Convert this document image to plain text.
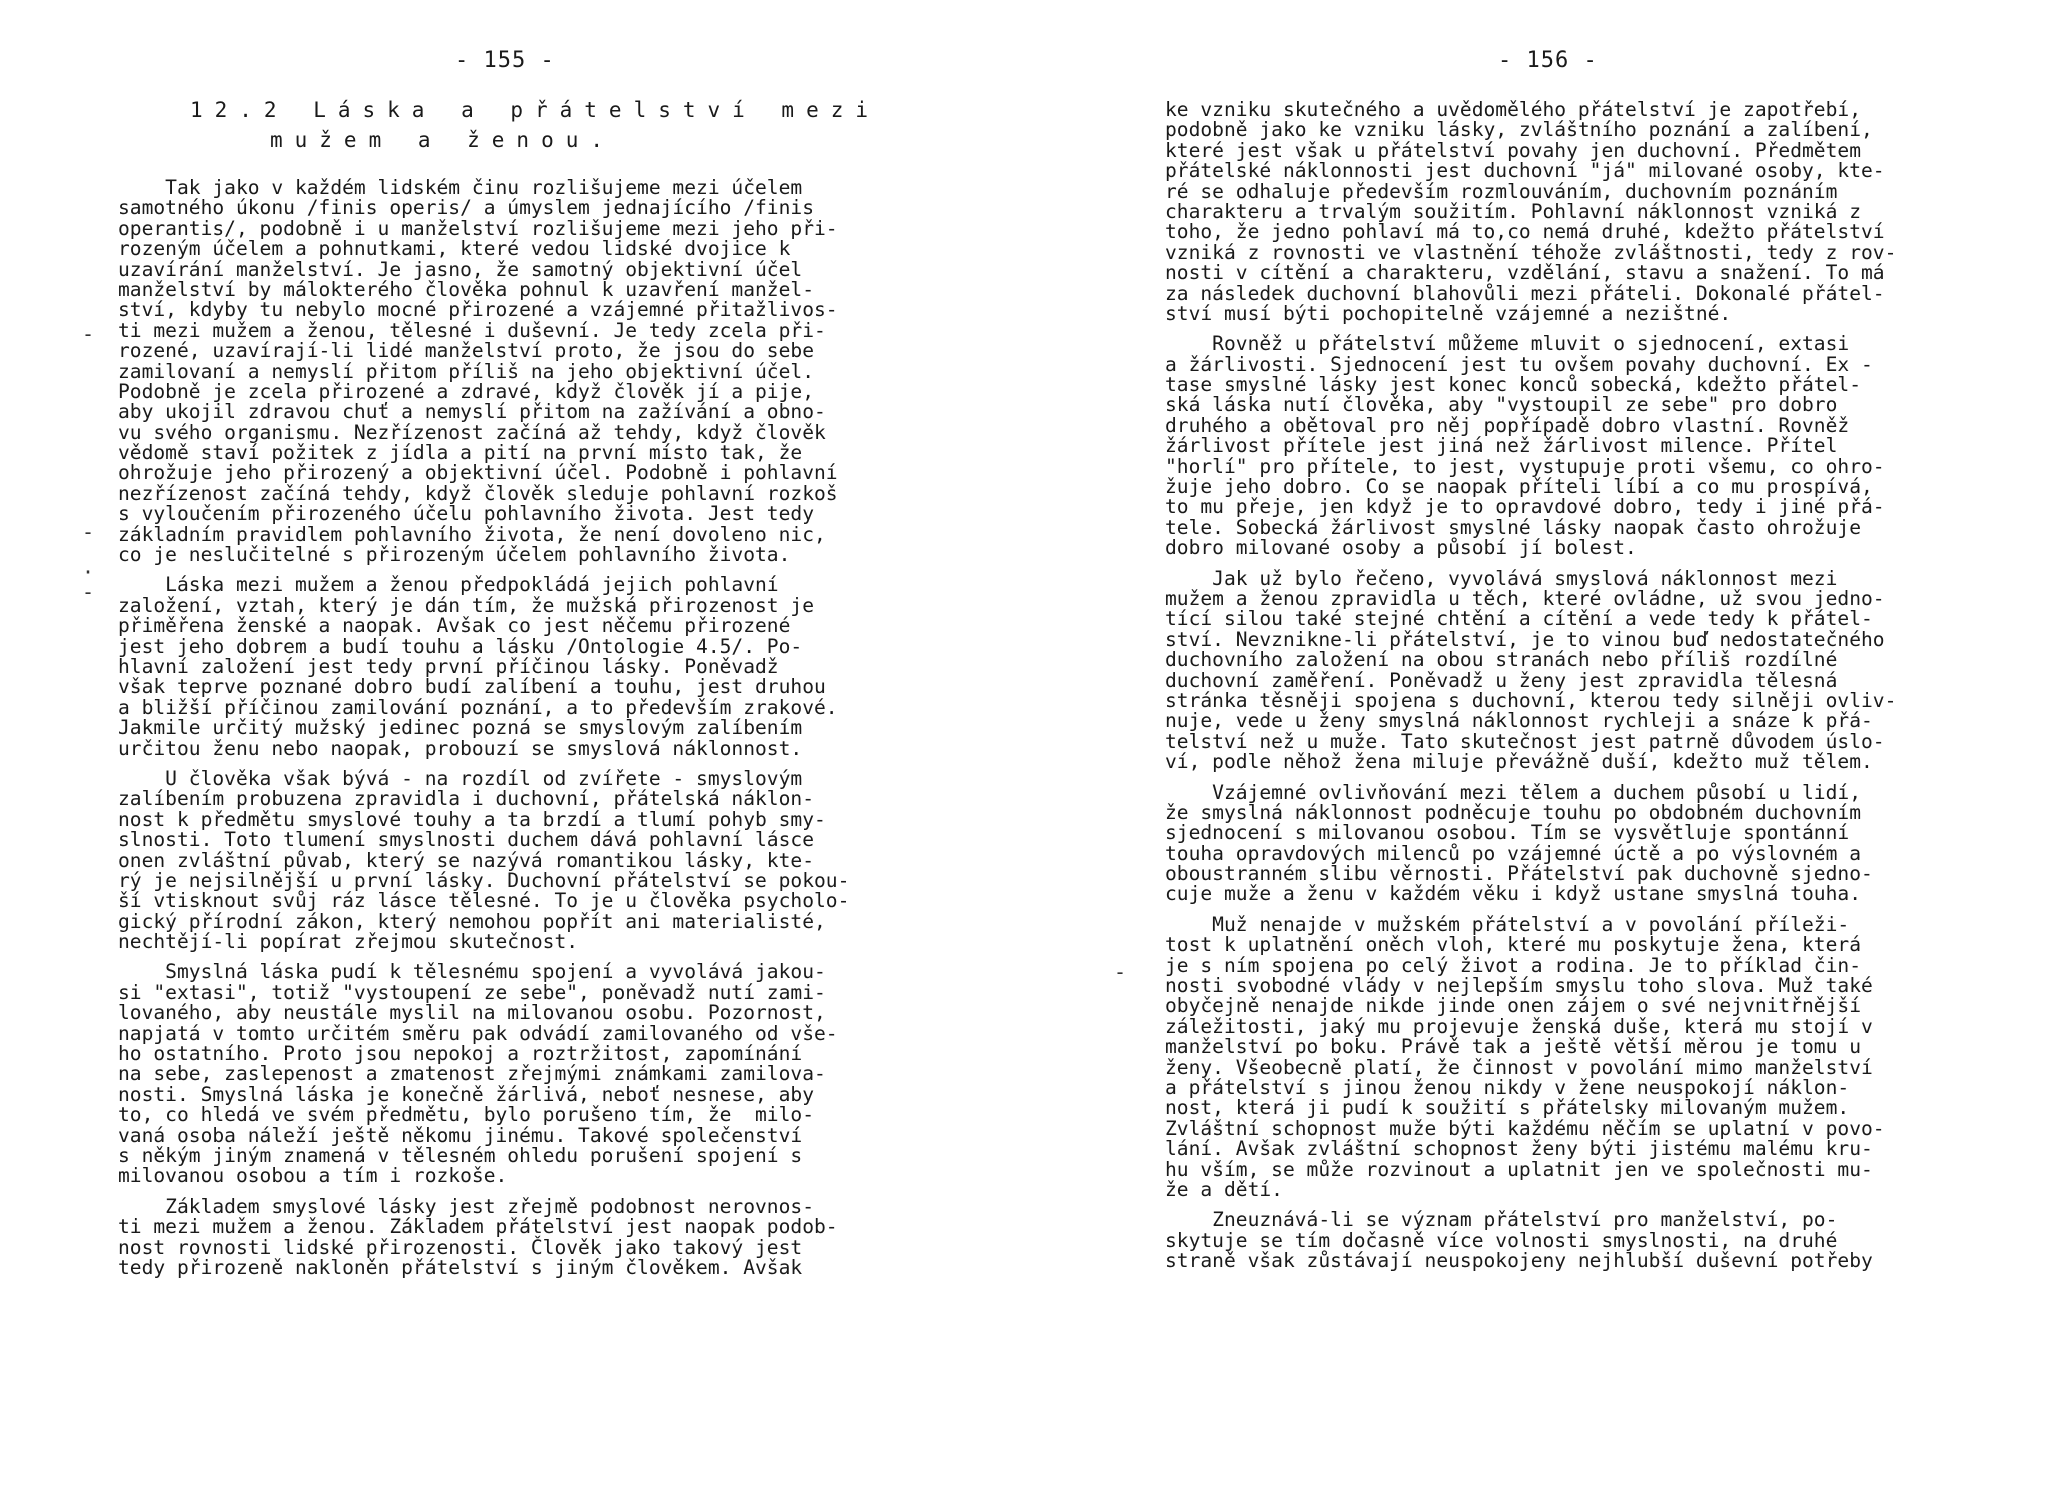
- 155 -
12.2 Láska a přátelství mezi
mužem a ženou.
Tak jako v každém lidském činu rozlišujeme mezi účelem
samotného úkonu /finis operis/ a úmyslem jednajícího /finis
operantis/, podobně i u manželství rozlišujeme mezi jeho při-
rozeným účelem a pohnutkami, které vedou lidské dvojice k
uzavírání manželství. Je jasno, že samotný objektivní účel
manželství by málokterého člověka pohnul k uzavření manžel-
ství, kdyby tu nebylo mocné přirozené a vzájemné přitažlivos-
ti mezi mužem a ženou, tělesné i duševní. Je tedy zcela při-
rozené, uzavírají-li lidé manželství proto, že jsou do sebe
zamilovaní a nemyslí přitom příliš na jeho objektivní účel.
Podobně je zcela přirozené a zdravé, když člověk jí a pije,
aby ukojil zdravou chuť a nemyslí přitom na zažívání a obno-
vu svého organismu. Nezřízenost začíná až tehdy, když člověk
vědomě staví požitek z jídla a pití na první místo tak, že
ohrožuje jeho přirozený a objektivní účel. Podobně i pohlavní
nezřízenost začíná tehdy, když člověk sleduje pohlavní rozkoš
s vyloučením přirozeného účelu pohlavního života. Jest tedy
základním pravidlem pohlavního života, že není dovoleno nic,
co je neslučitelné s přirozeným účelem pohlavního života.
Láska mezi mužem a ženou předpokládá jejich pohlavní
založení, vztah, který je dán tím, že mužská přirozenost je
přiměřena ženské a naopak. Avšak co jest něčemu přirozené
jest jeho dobrem a budí touhu a lásku /Ontologie 4.5/. Po-
hlavní založení jest tedy první příčinou lásky. Poněvadž
však teprve poznané dobro budí zalíbení a touhu, jest druhou
a bližší příčinou zamilování poznání, a to především zrakové.
Jakmile určitý mužský jedinec pozná se smyslovým zalíbením
určitou ženu nebo naopak, probouzí se smyslová náklonnost.
U člověka však bývá - na rozdíl od zvířete - smyslovým
zalíbením probuzena zpravidla i duchovní, přátelská náklon-
nost k předmětu smyslové touhy a ta brzdí a tlumí pohyb smy-
slnosti. Toto tlumení smyslnosti duchem dává pohlavní lásce
onen zvláštní půvab, který se nazývá romantikou lásky, kte-
rý je nejsilnější u první lásky. Duchovní přátelství se pokou-
ší vtisknout svůj ráz lásce tělesné. To je u člověka psycholo-
gický přírodní zákon, který nemohou popřít ani materialisté,
nechtějí-li popírat zřejmou skutečnost.
Smyslná láska pudí k tělesnému spojení a vyvolává jakou-
si "extasi", totiž "vystoupení ze sebe", poněvadž nutí zami-
lovaného, aby neustále myslil na milovanou osobu. Pozornost,
napjatá v tomto určitém směru pak odvádí zamilovaného od vše-
ho ostatního. Proto jsou nepokoj a roztržitost, zapomínání
na sebe, zaslepenost a zmatenost zřejmými známkami zamilova-
nosti. Smyslná láska je konečně žárlivá, neboť nesnese, aby
to, co hledá ve svém předmětu, bylo porušeno tím, že  milo-
vaná osoba náleží ještě někomu jinému. Takové společenství
s někým jiným znamená v tělesném ohledu porušení spojení s
milovanou osobou a tím i rozkoše.
Základem smyslové lásky jest zřejmě podobnost nerovnos-
ti mezi mužem a ženou. Základem přátelství jest naopak podob-
nost rovnosti lidské přirozenosti. Člověk jako takový jest
tedy přirozeně nakloněn přátelství s jiným člověkem. Avšak
-
-
·
-
- 156 -
ke vzniku skutečného a uvědomělého přátelství je zapotřebí,
podobně jako ke vzniku lásky, zvláštního poznání a zalíbení,
které jest však u přátelství povahy jen duchovní. Předmětem
přátelské náklonnosti jest duchovní "já" milované osoby, kte-
ré se odhaluje především rozmlouváním, duchovním poznáním
charakteru a trvalým soužitím. Pohlavní náklonnost vzniká z
toho, že jedno pohlaví má to,co nemá druhé, kdežto přátelství
vzniká z rovnosti ve vlastnění téhože zvláštnosti, tedy z rov-
nosti v cítění a charakteru, vzdělání, stavu a snažení. To má
za následek duchovní blahovůli mezi přáteli. Dokonalé přátel-
ství musí býti pochopitelně vzájemné a nezištné.
Rovněž u přátelství můžeme mluvit o sjednocení, extasi
a žárlivosti. Sjednocení jest tu ovšem povahy duchovní. Ex -
tase smyslné lásky jest konec konců sobecká, kdežto přátel-
ská láska nutí člověka, aby "vystoupil ze sebe" pro dobro
druhého a obětoval pro něj popřípadě dobro vlastní. Rovněž
žárlivost přítele jest jiná než žárlivost milence. Přítel
"horlí" pro přítele, to jest, vystupuje proti všemu, co ohro-
žuje jeho dobro. Co se naopak příteli líbí a co mu prospívá,
to mu přeje, jen když je to opravdové dobro, tedy i jiné přá-
tele. Sobecká žárlivost smyslné lásky naopak často ohrožuje
dobro milované osoby a působí jí bolest.
Jak už bylo řečeno, vyvolává smyslová náklonnost mezi
mužem a ženou zpravidla u těch, které ovládne, už svou jedno-
tící silou také stejné chtění a cítění a vede tedy k přátel-
ství. Nevznikne-li přátelství, je to vinou buď nedostatečného
duchovního založení na obou stranách nebo příliš rozdílné
duchovní zaměření. Poněvadž u ženy jest zpravidla tělesná
stránka těsněji spojena s duchovní, kterou tedy silněji ovliv-
nuje, vede u ženy smyslná náklonnost rychleji a snáze k přá-
telství než u muže. Tato skutečnost jest patrně důvodem úslo-
ví, podle něhož žena miluje převážně duší, kdežto muž tělem.
Vzájemné ovlivňování mezi tělem a duchem působí u lidí,
že smyslná náklonnost podněcuje touhu po obdobném duchovním
sjednocení s milovanou osobou. Tím se vysvětluje spontánní
touha opravdových milenců po vzájemné úctě a po výslovném a
oboustranném slibu věrnosti. Přátelství pak duchovně sjedno-
cuje muže a ženu v každém věku i když ustane smyslná touha.
Muž nenajde v mužském přátelství a v povolání příleži-
tost k uplatnění oněch vloh, které mu poskytuje žena, která
je s ním spojena po celý život a rodina. Je to příklad čin-
nosti svobodné vlády v nejlepším smyslu toho slova. Muž také
obyčejně nenajde nikde jinde onen zájem o své nejvnitřnější
záležitosti, jaký mu projevuje ženská duše, která mu stojí v
manželství po boku. Právě tak a ještě větší měrou je tomu u
ženy. Všeobecně platí, že činnost v povolání mimo manželství
a přátelství s jinou ženou nikdy v žene neuspokojí náklon-
nost, která ji pudí k soužití s přátelsky milovaným mužem.
Zvláštní schopnost muže býti každému něčím se uplatní v povo-
lání. Avšak zvláštní schopnost ženy býti jistému malému kru-
hu vším, se může rozvinout a uplatnit jen ve společnosti mu-
že a dětí.
Zneuznává-li se význam přátelství pro manželství, po-
skytuje se tím dočasně více volnosti smyslnosti, na druhé
straně však zůstávají neuspokojeny nejhlubší duševní potřeby
-
